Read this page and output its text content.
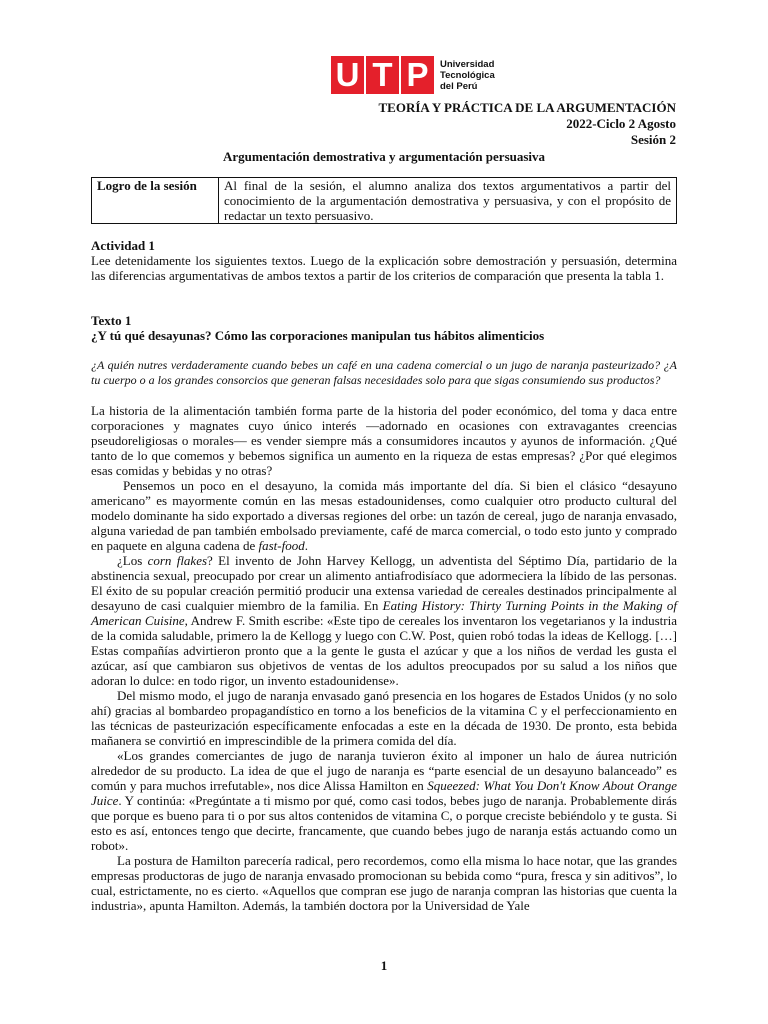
U T P	Universidad
Tecnológica
del Perú
TEORÍA Y PRÁCTICA DE LA ARGUMENTACIÓN
2022-Ciclo 2 Agosto
Sesión 2
Argumentación demostrativa y argumentación persuasiva
Logro de la sesión	Al final de la sesión, el alumno analiza dos textos argumentativos a partir del conocimiento de la argumentación demostrativa y persuasiva, y con el propósito de redactar un texto persuasivo.
Actividad 1
Lee detenidamente los siguientes textos. Luego de la explicación sobre demostración y persuasión, determina las diferencias argumentativas de ambos textos a partir de los criterios de comparación que presenta la tabla 1.
Texto 1
¿Y tú qué desayunas? Cómo las corporaciones manipulan tus hábitos alimenticios
¿A quién nutres verdaderamente cuando bebes un café en una cadena comercial o un jugo de naranja pasteurizado? ¿A tu cuerpo o a los grandes consorcios que generan falsas necesidades solo para que sigas consumiendo sus productos?

La historia de la alimentación también forma parte de la historia del poder económico, del toma y daca entre corporaciones y magnates cuyo único interés —adornado en ocasiones con extravagantes creencias pseudoreligiosas o morales— es vender siempre más a consumidores incautos y ayunos de información. ¿Qué tanto de lo que comemos y bebemos significa un aumento en la riqueza de estas empresas? ¿Por qué elegimos esas comidas y bebidas y no otras?

Pensemos un poco en el desayuno, la comida más importante del día. Si bien el clásico “desayuno americano” es mayormente común en las mesas estadounidenses, como cualquier otro producto cultural del modelo dominante ha sido exportado a diversas regiones del orbe: un tazón de cereal, jugo de naranja envasado, alguna variedad de pan también embolsado previamente, café de marca comercial, o todo esto junto y comprado en paquete en alguna cadena de fast-food.

¿Los corn flakes? El invento de John Harvey Kellogg, un adventista del Séptimo Día, partidario de la abstinencia sexual, preocupado por crear un alimento antiafrodisíaco que adormeciera la líbido de las personas. El éxito de su popular creación permitió producir una extensa variedad de cereales destinados principalmente al desayuno de casi cualquier miembro de la familia. En Eating History: Thirty Turning Points in the Making of American Cuisine, Andrew F. Smith escribe: «Este tipo de cereales los inventaron los vegetarianos y la industria de la comida saludable, primero la de Kellogg y luego con C.W. Post, quien robó todas la ideas de Kellogg. […] Estas compañías advirtieron pronto que a la gente le gusta el azúcar y que a los niños de verdad les gusta el azúcar, así que cambiaron sus objetivos de ventas de los adultos preocupados por su salud a los niños que adoran lo dulce: en todo rigor, un invento estadounidense».

Del mismo modo, el jugo de naranja envasado ganó presencia en los hogares de Estados Unidos (y no solo ahí) gracias al bombardeo propagandístico en torno a los beneficios de la vitamina C y el perfeccionamiento en las técnicas de pasteurización específicamente enfocadas a este en la década de 1930. De pronto, esta bebida mañanera se convirtió en imprescindible de la primera comida del día.

«Los grandes comerciantes de jugo de naranja tuvieron éxito al imponer un halo de áurea nutrición alrededor de su producto. La idea de que el jugo de naranja es “parte esencial de un desayuno balanceado” es común y para muchos irrefutable», nos dice Alissa Hamilton en Squeezed: What You Don't Know About Orange Juice. Y continúa: «Pregúntate a ti mismo por qué, como casi todos, bebes jugo de naranja. Probablemente dirás que porque es bueno para ti o por sus altos contenidos de vitamina C, o porque creciste bebiéndolo y te gusta. Si esto es así, entonces tengo que decirte, francamente, que cuando bebes jugo de naranja estás actuando como un robot».

La postura de Hamilton parecería radical, pero recordemos, como ella misma lo hace notar, que las grandes empresas productoras de jugo de naranja envasado promocionan su bebida como “pura, fresca y sin aditivos”, lo cual, estrictamente, no es cierto. «Aquellos que compran ese jugo de naranja compran las historias que cuenta la industria», apunta Hamilton. Además, la también doctora por la Universidad de Yale

1
